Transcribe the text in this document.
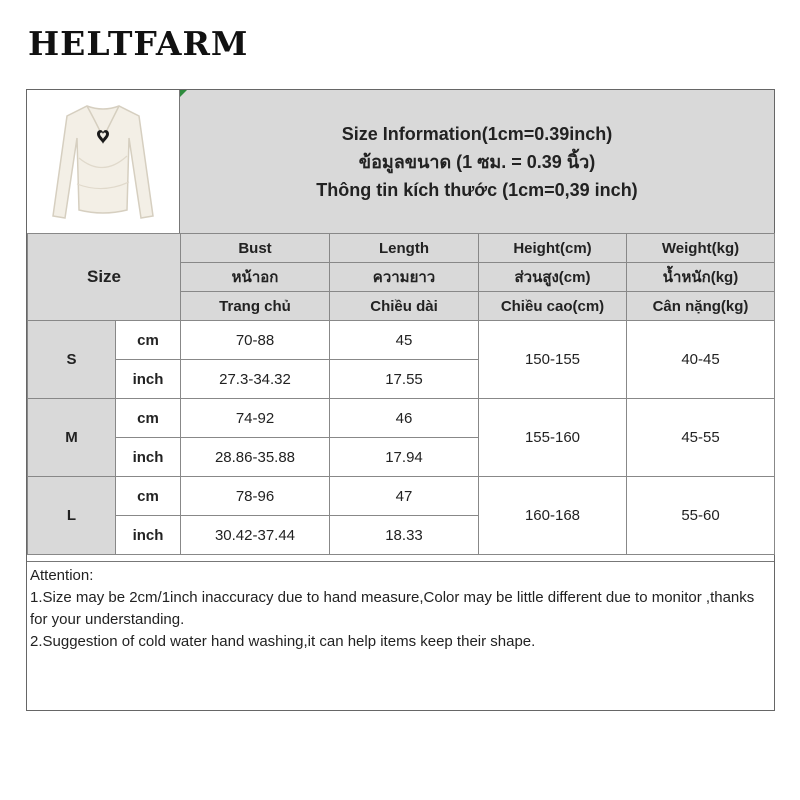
HELTFARM
Size Information(1cm=0.39inch)
ข้อมูลขนาด (1 ซม. = 0.39 นิ้ว)
Thông tin kích thước (1cm=0,39 inch)
Size		Bust	Length	Height(cm)	Weight(kg)
		หน้าอก	ความยาว	ส่วนสูง(cm)	น้ำหนัก(kg)
		Trang chủ	Chiều dài	Chiều cao(cm)	Cân nặng(kg)
S	cm	70-88	45	150-155	40-45
	inch	27.3-34.32	17.55		
M	cm	74-92	46	155-160	45-55
	inch	28.86-35.88	17.94		
L	cm	78-96	47	160-168	55-60
	inch	30.42-37.44	18.33		

Attention:

1.Size may be 2cm/1inch inaccuracy due to hand measure,Color may be little different due to monitor ,thanks for your understanding.

2.Suggestion of cold water hand washing,it can help items keep their shape.
